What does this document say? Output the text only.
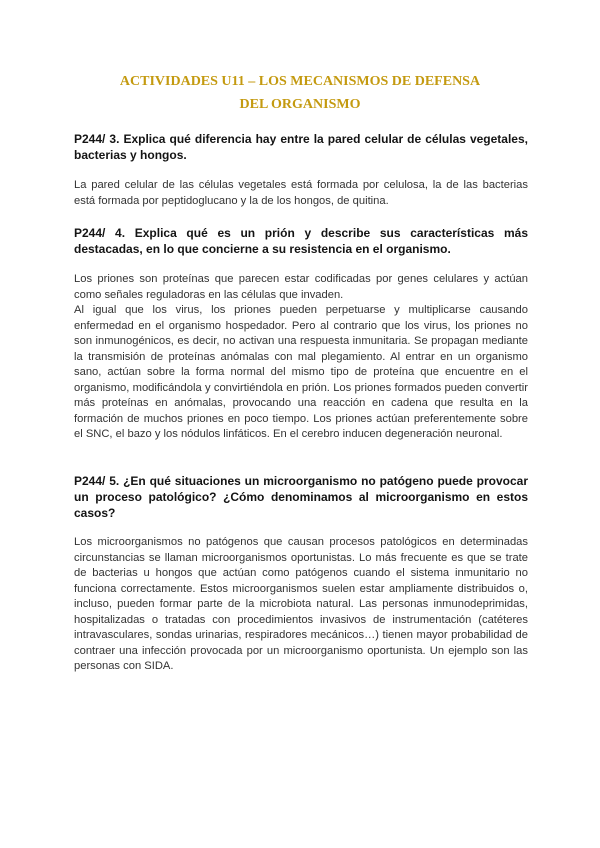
ACTIVIDADES U11 – LOS MECANISMOS DE DEFENSA
DEL ORGANISMO
P244/ 3. Explica qué diferencia hay entre la pared celular de células vegetales, bacterias y hongos.

La pared celular de las células vegetales está formada por celulosa, la de las bacterias está formada por peptidoglucano y la de los hongos, de quitina.

P244/ 4. Explica qué es un prión y describe sus características más destacadas, en lo que concierne a su resistencia en el organismo.

Los priones son proteínas que parecen estar codificadas por genes celulares y actúan como señales reguladoras en las células que invaden.

Al igual que los virus, los priones pueden perpetuarse y multiplicarse causando enfermedad en el organismo hospedador. Pero al contrario que los virus, los priones no son inmunogénicos, es decir, no activan una respuesta inmunitaria. Se propagan mediante la transmisión de proteínas anómalas con mal plegamiento. Al entrar en un organismo sano, actúan sobre la forma normal del mismo tipo de proteína que encuentre en el organismo, modificándola y convirtiéndola en prión. Los priones formados pueden convertir más proteínas en anómalas, provocando una reacción en cadena que resulta en la formación de muchos priones en poco tiempo. Los priones actúan preferentemente sobre el SNC, el bazo y los nódulos linfáticos. En el cerebro inducen degeneración neuronal.

P244/ 5. ¿En qué situaciones un microorganismo no patógeno puede provocar un proceso patológico? ¿Cómo denominamos al microorganismo en estos casos?

Los microorganismos no patógenos que causan procesos patológicos en determinadas circunstancias se llaman microorganismos oportunistas. Lo más frecuente es que se trate de bacterias u hongos que actúan como patógenos cuando el sistema inmunitario no funciona correctamente. Estos microorganismos suelen estar ampliamente distribuidos o, incluso, pueden formar parte de la microbiota natural. Las personas inmunodeprimidas, hospitalizadas o tratadas con procedimientos invasivos de instrumentación (catéteres intravasculares, sondas urinarias, respiradores mecánicos…) tienen mayor probabilidad de contraer una infección provocada por un microorganismo oportunista. Un ejemplo son las personas con SIDA.
